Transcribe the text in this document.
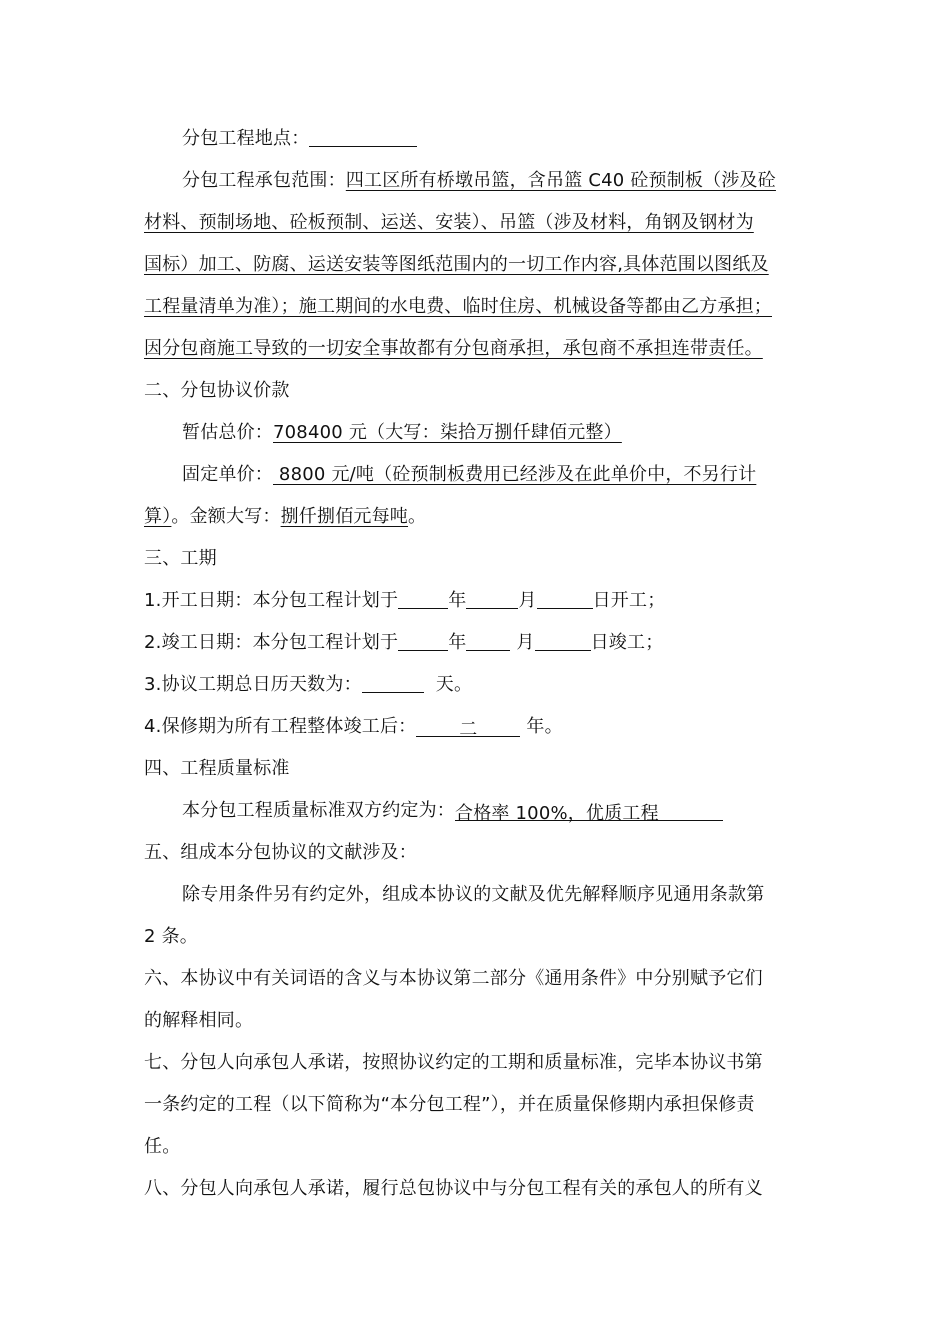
分包工程地点：
分包工程承包范围：四工区所有桥墩吊篮，含吊篮 C40 砼预制板（涉及砼
材料、预制场地、砼板预制、运送、安装）、吊篮（涉及材料，角钢及钢材为
国标）加工、防腐、运送安装等图纸范围内的一切工作内容,具体范围以图纸及
工程量清单为准）；施工期间的水电费、临时住房、机械设备等都由乙方承担；
因分包商施工导致的一切安全事故都有分包商承担，承包商不承担连带责任。
二、分包协议价款
暂估总价：708400 元（大写：柒拾万捌仟肆佰元整）
固定单价： 8800 元/吨（砼预制板费用已经涉及在此单价中，不另行计
算）。金额大写：捌仟捌佰元每吨。
三、工期
1.开工日期：本分包工程计划于	年	月	日开工；
2.竣工日期：本分包工程计划于	年	月	日竣工；
3.协议工期总日历天数为：	天。
4.保修期为所有工程整体竣工后： 二	年。
四、工程质量标准
本分包工程质量标准双方约定为：合格率 100%，优质工程
五、组成本分包协议的文献涉及：
除专用条件另有约定外，组成本协议的文献及优先解释顺序见通用条款第
2 条。
六、本协议中有关词语的含义与本协议第二部分《通用条件》中分别赋予它们
的解释相同。
七、分包人向承包人承诺，按照协议约定的工期和质量标准，完毕本协议书第
一条约定的工程（以下简称为“本分包工程”），并在质量保修期内承担保修责
任。
八、分包人向承包人承诺，履行总包协议中与分包工程有关的承包人的所有义
